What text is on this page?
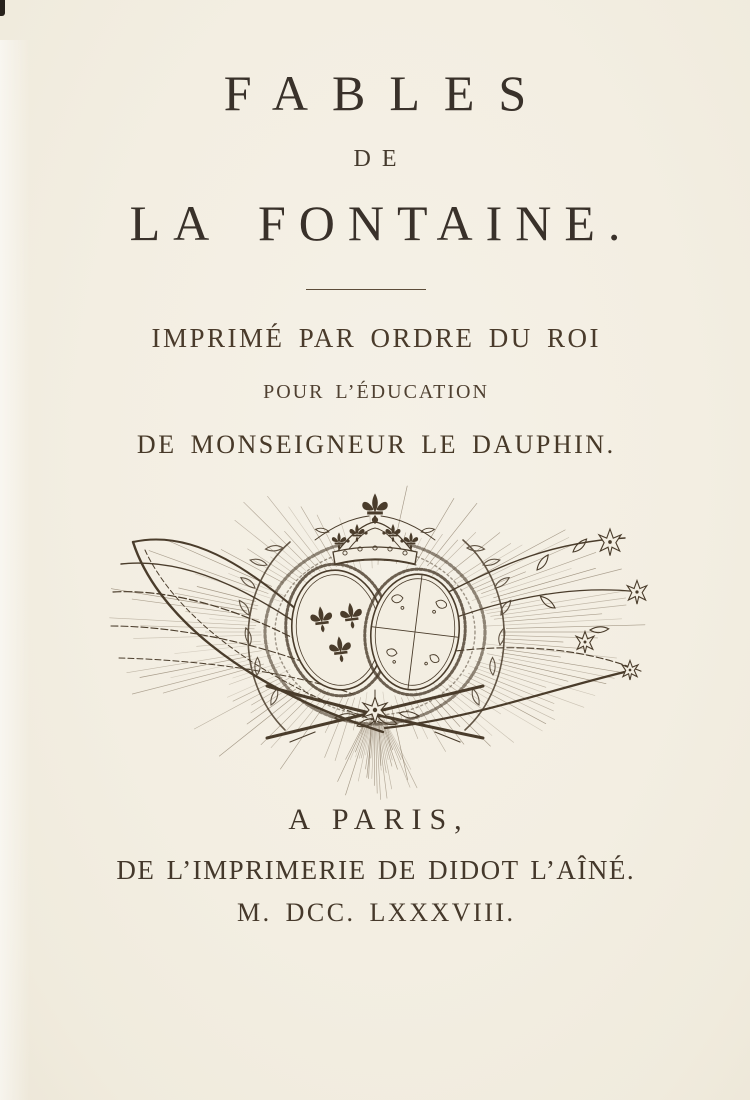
FABLES
DE
LA FONTAINE.
IMPRIMÉ PAR ORDRE DU ROI
POUR L’ÉDUCATION
DE MONSEIGNEUR LE DAUPHIN.
A PARIS,
DE L’IMPRIMERIE DE DIDOT L’AÎNÉ.
M. DCC. LXXXVIII.
